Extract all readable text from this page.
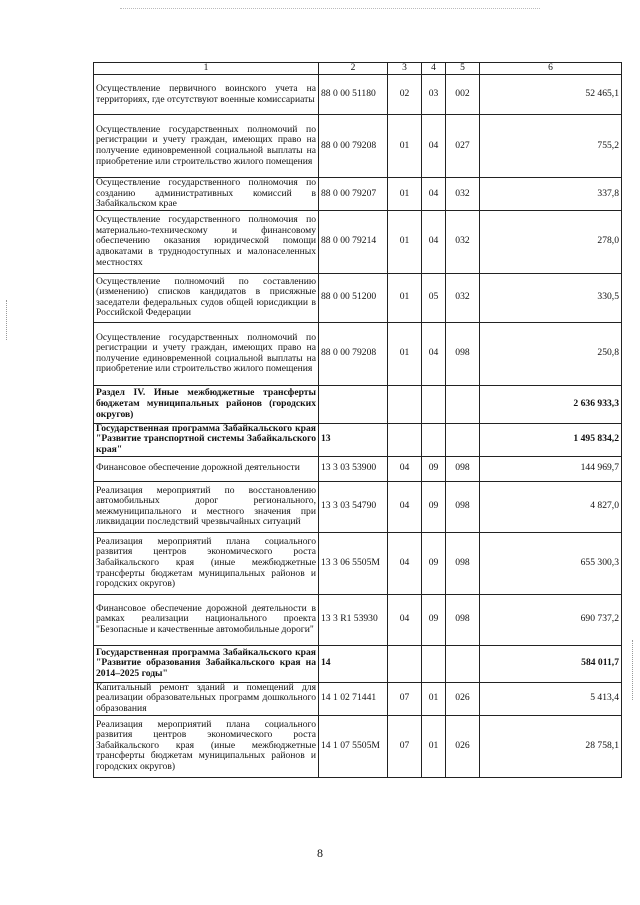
1	2	3	4	5	6
Осуществление первичного воинского учета на территориях, где отсутствуют военные комиссариаты	88 0 00 51180	02	03	002	52 465,1
Осуществление государственных полномочий по регистрации и учету граждан, имеющих право на получение единовременной социальной выплаты на приобретение или строительство жилого помещения	88 0 00 79208	01	04	027	755,2
Осуществление государственного полномочия по созданию административных комиссий в Забайкальском крае	88 0 00 79207	01	04	032	337,8
Осуществление государственного полномочия по материально-техническому и финансовому обеспечению оказания юридической помощи адвокатами в труднодоступных и малонаселенных местностях	88 0 00 79214	01	04	032	278,0
Осуществление полномочий по составлению (изменению) списков кандидатов в присяжные заседатели федеральных судов общей юрисдикции в Российской Федерации	88 0 00 51200	01	05	032	330,5
Осуществление государственных полномочий по регистрации и учету граждан, имеющих право на получение единовременной социальной выплаты на приобретение или строительство жилого помещения	88 0 00 79208	01	04	098	250,8
Раздел IV. Иные межбюджетные трансферты бюджетам муниципальных районов (городских округов)					2 636 933,3
Государственная программа Забайкальского края "Развитие транспортной системы Забайкальского края"	13				1 495 834,2
Финансовое обеспечение дорожной деятельности	13 3 03 53900	04	09	098	144 969,7
Реализация мероприятий по восстановлению автомобильных дорог регионального, межмуниципального и местного значения при ликвидации последствий чрезвычайных ситуаций	13 3 03 54790	04	09	098	4 827,0
Реализация мероприятий плана социального развития центров экономического роста Забайкальского края (иные межбюджетные трансферты бюджетам муниципальных районов и городских округов)	13 3 06 5505M	04	09	098	655 300,3
Финансовое обеспечение дорожной деятельности в рамках реализации национального проекта "Безопасные и качественные автомобильные дороги"	13 3 R1 53930	04	09	098	690 737,2
Государственная программа Забайкальского края "Развитие образования Забайкальского края на 2014–2025 годы"	14				584 011,7
Капитальный ремонт зданий и помещений для реализации образовательных программ дошкольного образования	14 1 02 71441	07	01	026	5 413,4
Реализация мероприятий плана социального развития центров экономического роста Забайкальского края (иные межбюджетные трансферты бюджетам муниципальных районов и городских округов)	14 1 07 5505M	07	01	026	28 758,1
8
